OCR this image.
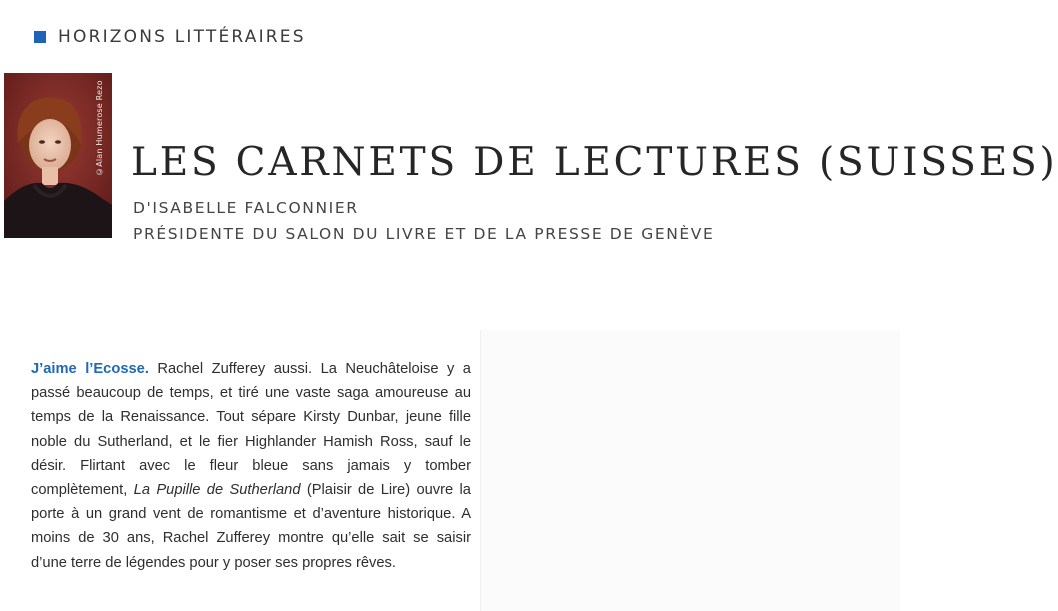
HORIZONS LITTÉRAIRES
©Alan Humerose Rezo LES CARNETS DE LECTURES (SUISSES)

D'ISABELLE FALCONNIER

PRÉSIDENTE DU SALON DU LIVRE ET DE LA PRESSE DE GENÈVE

J’aime l’Ecosse. Rachel Zufferey aussi. La Neuchâteloise y a passé beaucoup de temps, et tiré une vaste saga amoureuse au temps de la Renaissance. Tout sépare Kirsty Dunbar, jeune fille noble du Sutherland, et le fier Highlander Hamish Ross, sauf le désir. Flirtant avec le fleur bleue sans jamais y tomber complètement, La Pupille de Sutherland (Plaisir de Lire) ouvre la porte à un grand vent de romantisme et d’aventure historique. A moins de 30 ans, Rachel Zufferey montre qu’elle sait se saisir d’une terre de légendes pour y poser ses propres rêves.
